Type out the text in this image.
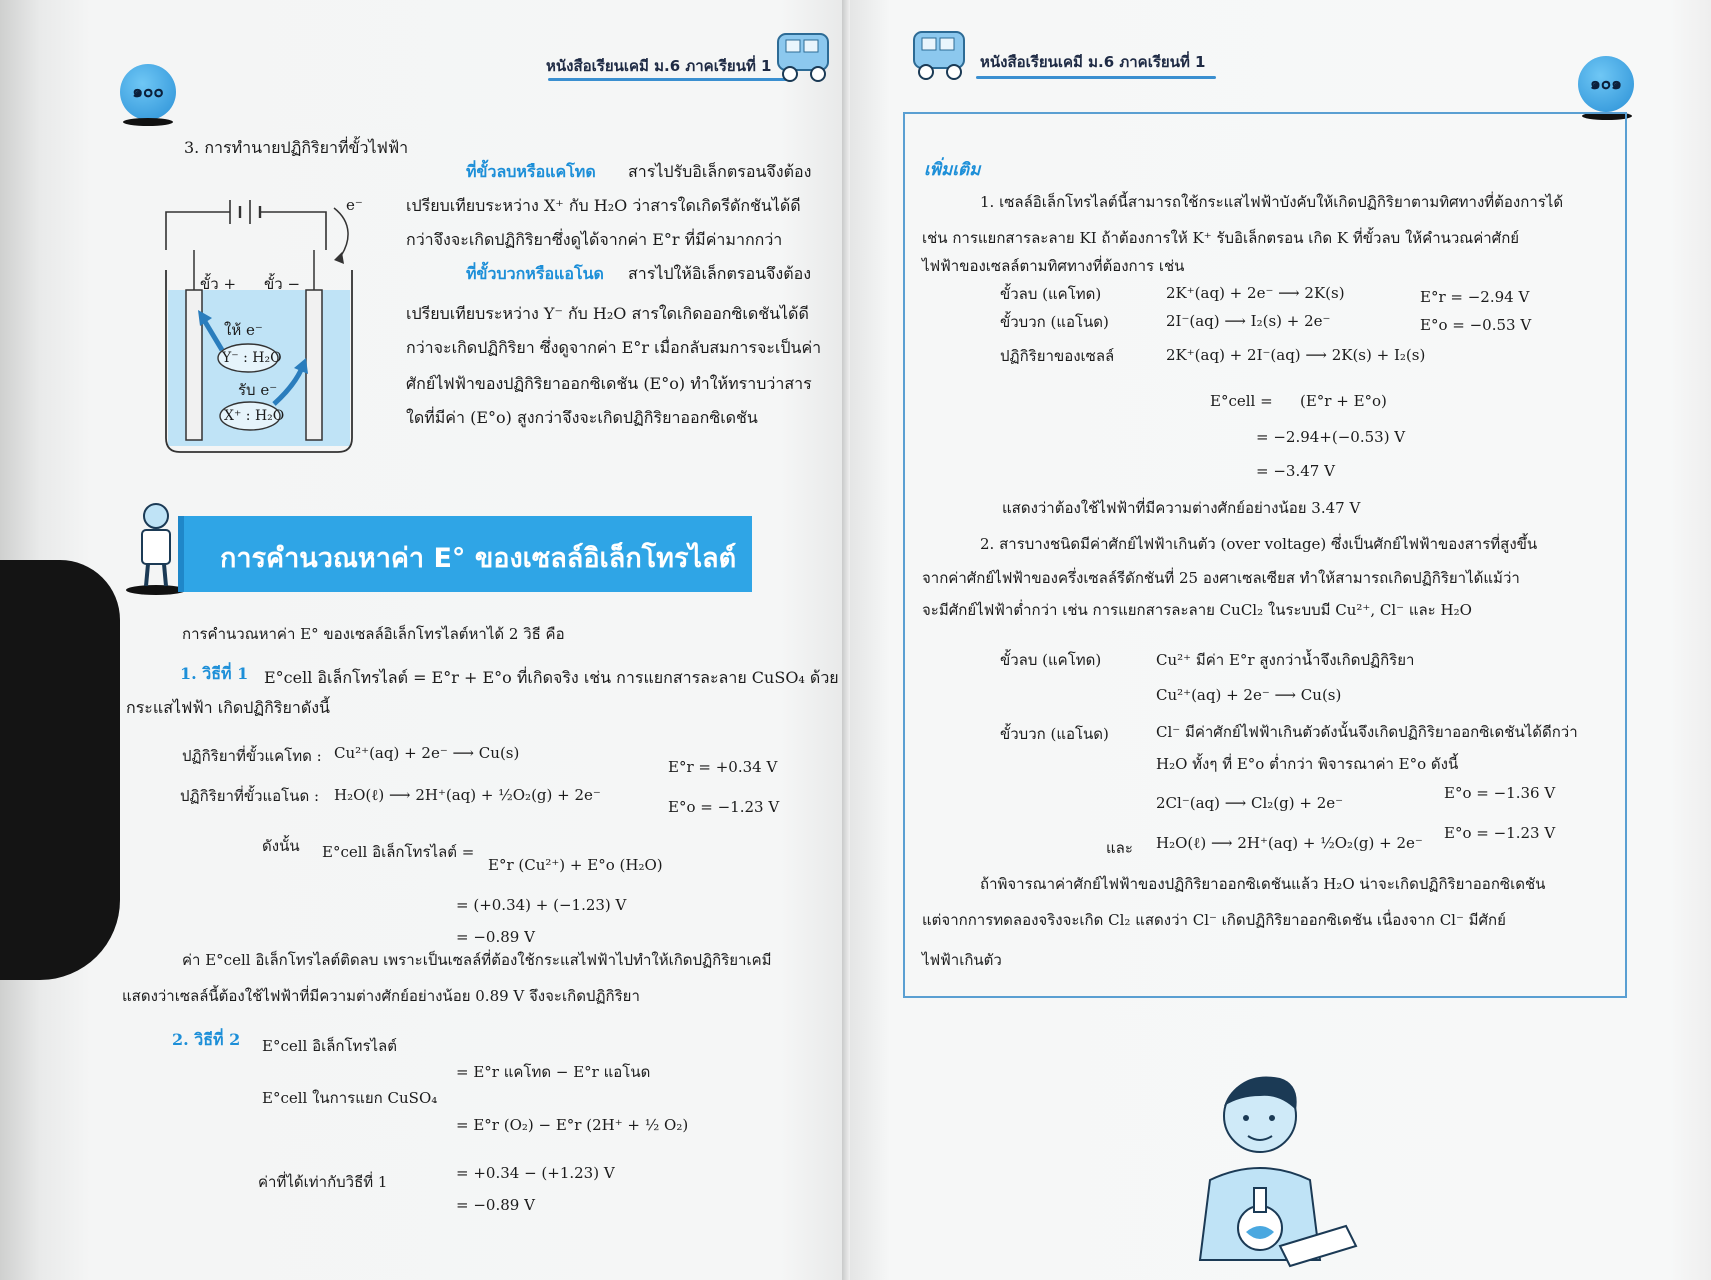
หนังสือเรียนเคมี ม.6 ภาคเรียนที่ 1
๑๐๐
3. การทำนายปฏิกิริยาที่ขั้วไฟฟ้า
e⁻
ขั้ว + ขั้ว −
ให้ e⁻
Y⁻ : H₂O
รับ e⁻
X⁺ : H₂O
ที่ขั้วลบหรือแคโทด สารไปรับอิเล็กตรอนจึงต้อง
เปรียบเทียบระหว่าง X⁺ กับ H₂O ว่าสารใดเกิดรีดักชันได้ดี
กว่าจึงจะเกิดปฏิกิริยาซึ่งดูได้จากค่า E°r ที่มีค่ามากกว่า
ที่ขั้วบวกหรือแอโนด สารไปให้อิเล็กตรอนจึงต้อง
เปรียบเทียบระหว่าง Y⁻ กับ H₂O สารใดเกิดออกซิเดชันได้ดี
กว่าจะเกิดปฏิกิริยา ซึ่งดูจากค่า E°r เมื่อกลับสมการจะเป็นค่า
ศักย์ไฟฟ้าของปฏิกิริยาออกซิเดชัน (E°o) ทำให้ทราบว่าสาร
ใดที่มีค่า (E°o) สูงกว่าจึงจะเกิดปฏิกิริยาออกซิเดชัน
การคำนวณหาค่า E° ของเซลล์อิเล็กโทรไลต์
การคำนวณหาค่า E° ของเซลล์อิเล็กโทรไลต์หาได้ 2 วิธี คือ
1. วิธีที่ 1 E°cell อิเล็กโทรไลต์ = E°r + E°o ที่เกิดจริง เช่น การแยกสารละลาย CuSO₄ ด้วย
กระแสไฟฟ้า เกิดปฏิกิริยาดังนี้
ปฏิกิริยาที่ขั้วแคโทด : Cu²⁺(aq) + 2e⁻ ⟶ Cu(s)
E°r = +0.34 V
ปฏิกิริยาที่ขั้วแอโนด : H₂O(ℓ) ⟶ 2H⁺(aq) + ½O₂(g) + 2e⁻
E°o = −1.23 V
ดังนั้น E°cell อิเล็กโทรไลต์ =
E°r (Cu²⁺) + E°o (H₂O)
= (+0.34) + (−1.23) V
= −0.89 V
ค่า E°cell อิเล็กโทรไลต์ติดลบ เพราะเป็นเซลล์ที่ต้องใช้กระแสไฟฟ้าไปทำให้เกิดปฏิกิริยาเคมี
แสดงว่าเซลล์นี้ต้องใช้ไฟฟ้าที่มีความต่างศักย์อย่างน้อย 0.89 V จึงจะเกิดปฏิกิริยา
2. วิธีที่ 2 E°cell อิเล็กโทรไลต์
= E°r แคโทด − E°r แอโนด
E°cell ในการแยก CuSO₄
= E°r (O₂) − E°r (2H⁺ + ½ O₂)
= +0.34 − (+1.23) V
ค่าที่ได้เท่ากับวิธีที่ 1
= −0.89 V
หนังสือเรียนเคมี ม.6 ภาคเรียนที่ 1
๑๐๑
เพิ่มเติม
1. เซลล์อิเล็กโทรไลต์นี้สามารถใช้กระแสไฟฟ้าบังคับให้เกิดปฏิกิริยาตามทิศทางที่ต้องการได้
เช่น การแยกสารละลาย KI ถ้าต้องการให้ K⁺ รับอิเล็กตรอน เกิด K ที่ขั้วลบ ให้คำนวณค่าศักย์
ไฟฟ้าของเซลล์ตามทิศทางที่ต้องการ เช่น
ขั้วลบ (แคโทด)	2K⁺(aq) + 2e⁻ ⟶ 2K(s)	E°r = −2.94 V
ขั้วบวก (แอโนด)	2I⁻(aq) ⟶ I₂(s) + 2e⁻	E°o = −0.53 V
ปฏิกิริยาของเซลล์	2K⁺(aq) + 2I⁻(aq) ⟶ 2K(s) + I₂(s)
E°cell = (E°r + E°o)
= −2.94+(−0.53) V
= −3.47 V
แสดงว่าต้องใช้ไฟฟ้าที่มีความต่างศักย์อย่างน้อย 3.47 V
2. สารบางชนิดมีค่าศักย์ไฟฟ้าเกินตัว (over voltage) ซึ่งเป็นศักย์ไฟฟ้าของสารที่สูงขึ้น
จากค่าศักย์ไฟฟ้าของครึ่งเซลล์รีดักชันที่ 25 องศาเซลเซียส ทำให้สามารถเกิดปฏิกิริยาได้แม้ว่า
จะมีศักย์ไฟฟ้าต่ำกว่า เช่น การแยกสารละลาย CuCl₂ ในระบบมี Cu²⁺, Cl⁻ และ H₂O
ขั้วลบ (แคโทด)	Cu²⁺ มีค่า E°r สูงกว่าน้ำจึงเกิดปฏิกิริยา
Cu²⁺(aq) + 2e⁻ ⟶ Cu(s)
ขั้วบวก (แอโนด)	Cl⁻ มีค่าศักย์ไฟฟ้าเกินตัวดังนั้นจึงเกิดปฏิกิริยาออกซิเดชันได้ดีกว่า
H₂O ทั้งๆ ที่ E°o ต่ำกว่า พิจารณาค่า E°o ดังนี้
2Cl⁻(aq) ⟶ Cl₂(g) + 2e⁻
E°o = −1.36 V
และ H₂O(ℓ) ⟶ 2H⁺(aq) + ½O₂(g) + 2e⁻
E°o = −1.23 V
ถ้าพิจารณาค่าศักย์ไฟฟ้าของปฏิกิริยาออกซิเดชันแล้ว H₂O น่าจะเกิดปฏิกิริยาออกซิเดชัน
แต่จากการทดลองจริงจะเกิด Cl₂ แสดงว่า Cl⁻ เกิดปฏิกิริยาออกซิเดชัน เนื่องจาก Cl⁻ มีศักย์
ไฟฟ้าเกินตัว
